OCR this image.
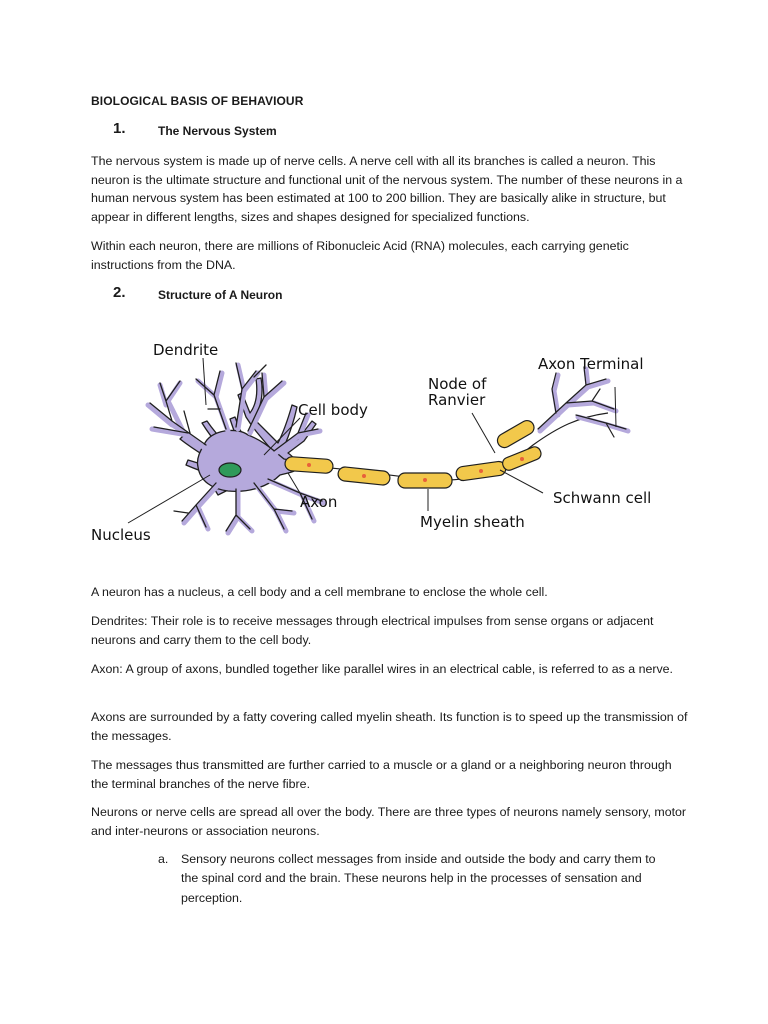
BIOLOGICAL BASIS OF BEHAVIOUR
1.	The Nervous System

The nervous system is made up of nerve cells. A nerve cell with all its branches is called a neuron. This neuron is the ultimate structure and functional unit of the nervous system. The number of these neurons in a human nervous system has been estimated at 100 to 200 billion. They are basically alike in structure, but appear in different lengths, sizes and shapes designed for specialized functions.

Within each neuron, there are millions of Ribonucleic Acid (RNA) molecules, each carrying genetic instructions from the DNA.

2.	Structure of A Neuron
Dendrite
Cell body
Nucleus
Axon
Node of
Ranvier
Axon Terminal
Schwann cell
Myelin sheath

A neuron has a nucleus, a cell body and a cell membrane to enclose the whole cell.

Dendrites: Their role is to receive messages through electrical impulses from sense organs or adjacent neurons and carry them to the cell body.

Axon: A group of axons, bundled together like parallel wires in an electrical cable, is referred to as a nerve.

Axons are surrounded by a fatty covering called myelin sheath. Its function is to speed up the transmission of the messages.

The messages thus transmitted are further carried to a muscle or a gland or a neighboring neuron through the terminal branches of the nerve fibre.

Neurons or nerve cells are spread all over the body. There are three types of neurons namely sensory, motor and inter-neurons or association neurons.

a. Sensory neurons collect messages from inside and outside the body and carry them to the spinal cord and the brain. These neurons help in the processes of sensation and perception.
